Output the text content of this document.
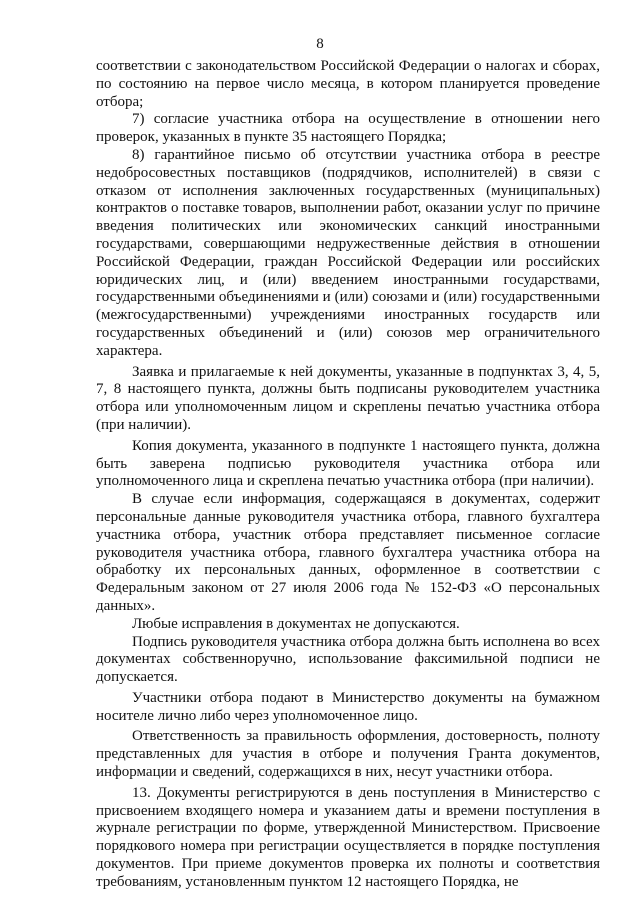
8

соответствии с законодательством Российской Федерации о налогах и сборах, по состоянию на первое число месяца, в котором планируется проведение отбора;

7) согласие участника отбора на осуществление в отношении него проверок, указанных в пункте 35 настоящего Порядка;

8) гарантийное письмо об отсутствии участника отбора в реестре недобросовестных поставщиков (подрядчиков, исполнителей) в связи с отказом от исполнения заключенных государственных (муниципальных) контрактов о поставке товаров, выполнении работ, оказании услуг по причине введения политических или экономических санкций иностранными государствами, совершающими недружественные действия в отношении Российской Федерации, граждан Российской Федерации или российских юридических лиц, и (или) введением иностранными государствами, государственными объединениями и (или) союзами и (или) государственными (межгосударственными) учреждениями иностранных государств или государственных объединений и (или) союзов мер ограничительного характера.

Заявка и прилагаемые к ней документы, указанные в подпунктах 3, 4, 5, 7, 8 настоящего пункта, должны быть подписаны руководителем участника отбора или уполномоченным лицом и скреплены печатью участника отбора (при наличии).

Копия документа, указанного в подпункте 1 настоящего пункта, должна быть заверена подписью руководителя участника отбора или уполномоченного лица и скреплена печатью участника отбора (при наличии).

В случае если информация, содержащаяся в документах, содержит персональные данные руководителя участника отбора, главного бухгалтера участника отбора, участник отбора представляет письменное согласие руководителя участника отбора, главного бухгалтера участника отбора на обработку их персональных данных, оформленное в соответствии с Федеральным законом от 27 июля 2006 года № 152-ФЗ «О персональных данных».

Любые исправления в документах не допускаются.

Подпись руководителя участника отбора должна быть исполнена во всех документах собственноручно, использование факсимильной подписи не допускается.

Участники отбора подают в Министерство документы на бумажном носителе лично либо через уполномоченное лицо.

Ответственность за правильность оформления, достоверность, полноту представленных для участия в отборе и получения Гранта документов, информации и сведений, содержащихся в них, несут участники отбора.

13. Документы регистрируются в день поступления в Министерство с присвоением входящего номера и указанием даты и времени поступления в журнале регистрации по форме, утвержденной Министерством. Присвоение порядкового номера при регистрации осуществляется в порядке поступления документов. При приеме документов проверка их полноты и соответствия требованиям, установленным пунктом 12 настоящего Порядка, не
